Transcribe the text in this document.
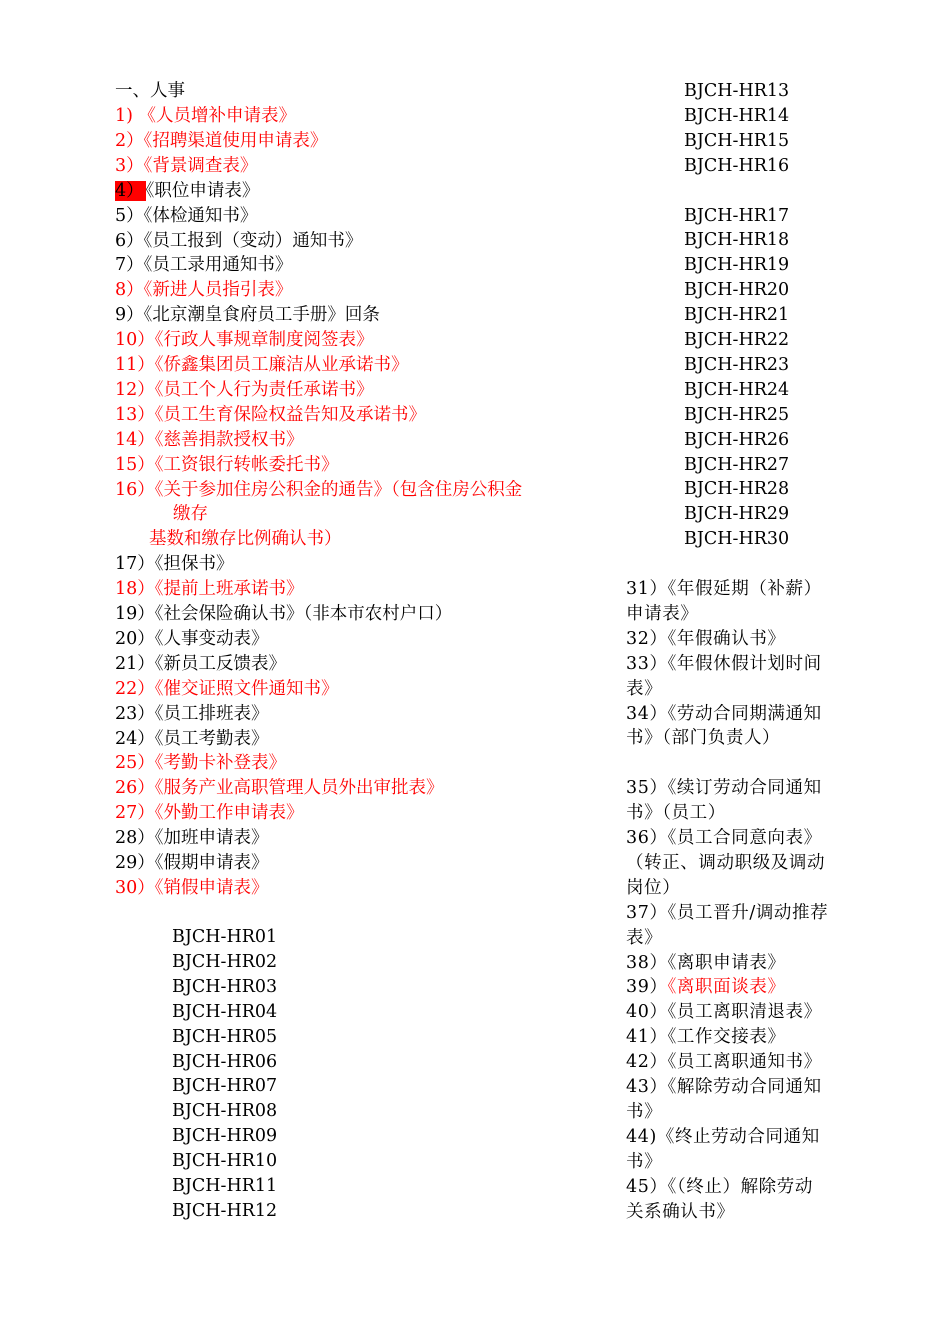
一、人事
1) 《人员增补申请表》
2）《招聘渠道使用申请表》
3）《背景调查表》
4） 《职位申请表》
5）《体检通知书》
6）《员工报到（变动）通知书》
7）《员工录用通知书》
8）《新进人员指引表》
9）《北京潮皇食府员工手册》回条
10）《行政人事规章制度阅签表》
11）《侨鑫集团员工廉洁从业承诺书》
12）《员工个人行为责任承诺书》
13）《员工生育保险权益告知及承诺书》
14）《慈善捐款授权书》
15）《工资银行转帐委托书》
16）《关于参加住房公积金的通告》（包含住房公积金
缴存
基数和缴存比例确认书）
17）《担保书》
18）《提前上班承诺书》
19）《社会保险确认书》（非本市农村户口）
20）《人事变动表》
21）《新员工反馈表》
22）《催交证照文件通知书》
23）《员工排班表》
24）《员工考勤表》
25）《考勤卡补登表》
26）《服务产业高职管理人员外出审批表》
27）《外勤工作申请表》
28）《加班申请表》
29）《假期申请表》
30）《销假申请表》
BJCH-HR13
BJCH-HR14
BJCH-HR15
BJCH-HR16
BJCH-HR17
BJCH-HR18
BJCH-HR19
BJCH-HR20
BJCH-HR21
BJCH-HR22
BJCH-HR23
BJCH-HR24
BJCH-HR25
BJCH-HR26
BJCH-HR27
BJCH-HR28
BJCH-HR29
BJCH-HR30
BJCH-HR01
BJCH-HR02
BJCH-HR03
BJCH-HR04
BJCH-HR05
BJCH-HR06
BJCH-HR07
BJCH-HR08
BJCH-HR09
BJCH-HR10
BJCH-HR11
BJCH-HR12
31）《年假延期（补薪）
申请表》
32）《年假确认书》
33）《年假休假计划时间
表》
34）《劳动合同期满通知
书》（部门负责人）
35）《续订劳动合同通知
书》（员工）
36）《员工合同意向表》
（转正、调动职级及调动
岗位）
37）《员工晋升/调动推荐
表》
38）《离职申请表》
39）《离职面谈表》
40）《员工离职清退表》
41）《工作交接表》
42）《员工离职通知书》
43）《解除劳动合同通知
书》
44)《终止劳动合同通知
书》
45）《（终止）解除劳动
关系确认书》
